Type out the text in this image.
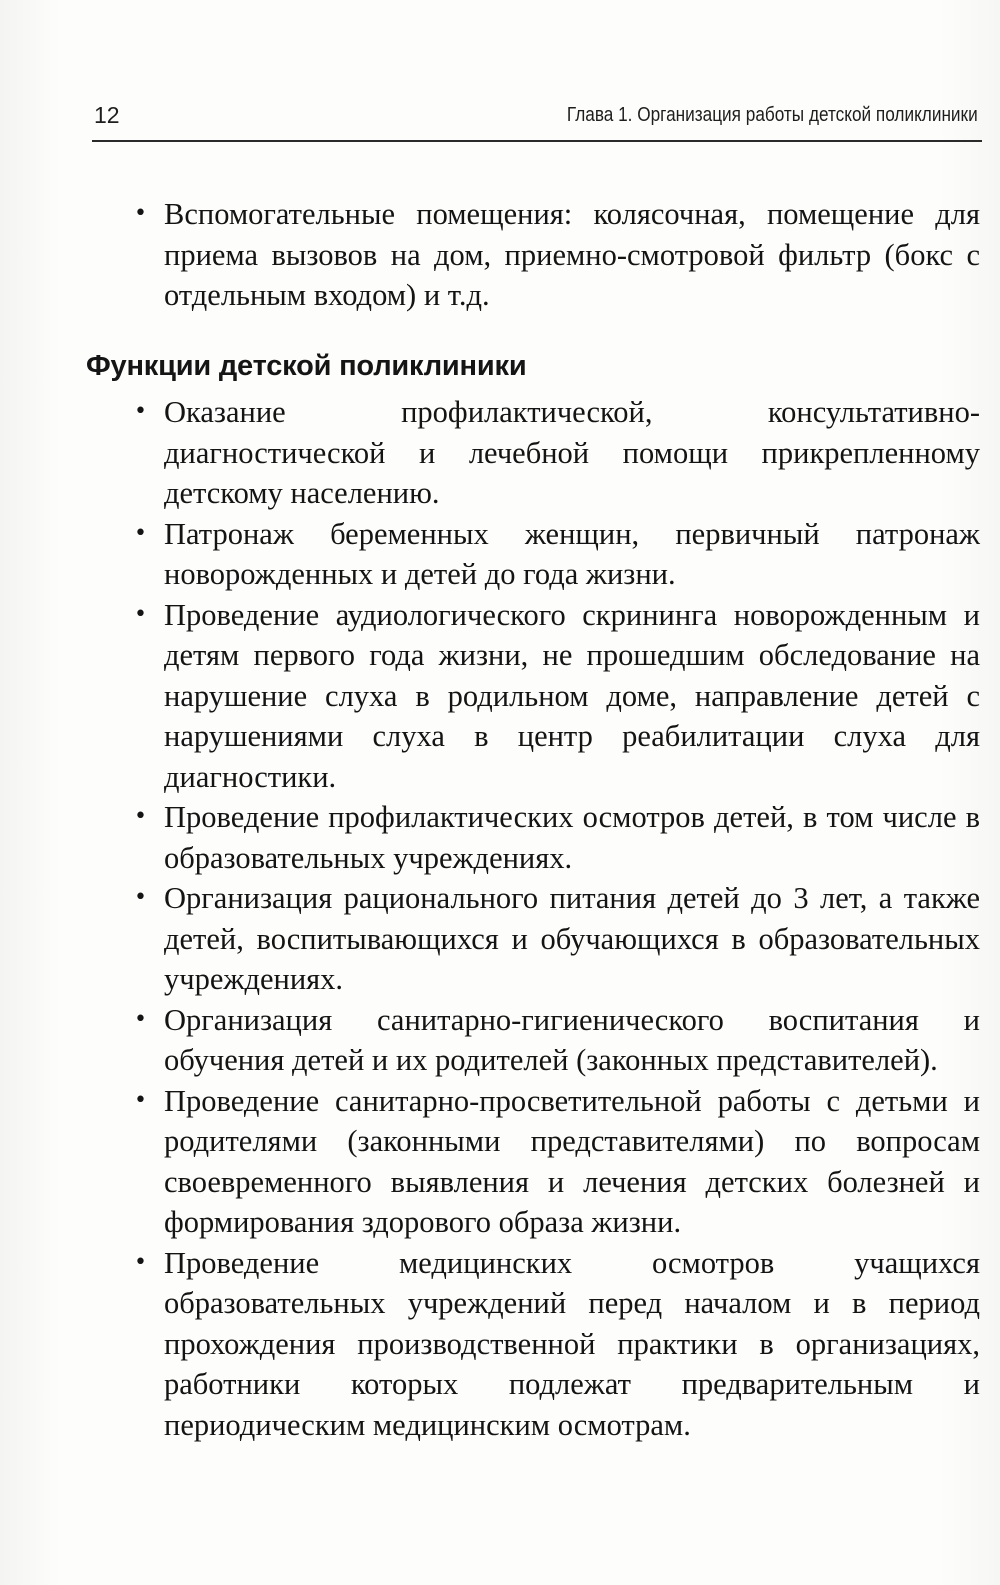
12	Глава 1. Организация работы детской поликлиники
• Вспомогательные помещения: колясочная, помещение для приема вызовов на дом, приемно-смотровой фильтр (бокс с отдельным входом) и т.д.
Функции детской поликлиники
• Оказание профилактической, консультативно-диагностической и лечебной помощи прикрепленному детскому населению.
• Патронаж беременных женщин, первичный патронаж новорожденных и детей до года жизни.
• Проведение аудиологического скрининга новорожденным и детям первого года жизни, не прошедшим обследование на нарушение слуха в родильном доме, направление детей с нарушениями слуха в центр реабилитации слуха для диагностики.
• Проведение профилактических осмотров детей, в том числе в образовательных учреждениях.
• Организация рационального питания детей до 3 лет, а также детей, воспитывающихся и обучающихся в образовательных учреждениях.
• Организация санитарно-гигиенического воспитания и обучения детей и их родителей (законных представителей).
• Проведение санитарно-просветительной работы с детьми и родителями (законными представителями) по вопросам своевременного выявления и лечения детских болезней и формирования здорового образа жизни.
• Проведение медицинских осмотров учащихся образовательных учреждений перед началом и в период прохождения производственной практики в организациях, работники которых подлежат предварительным и периодическим медицинским осмотрам.
